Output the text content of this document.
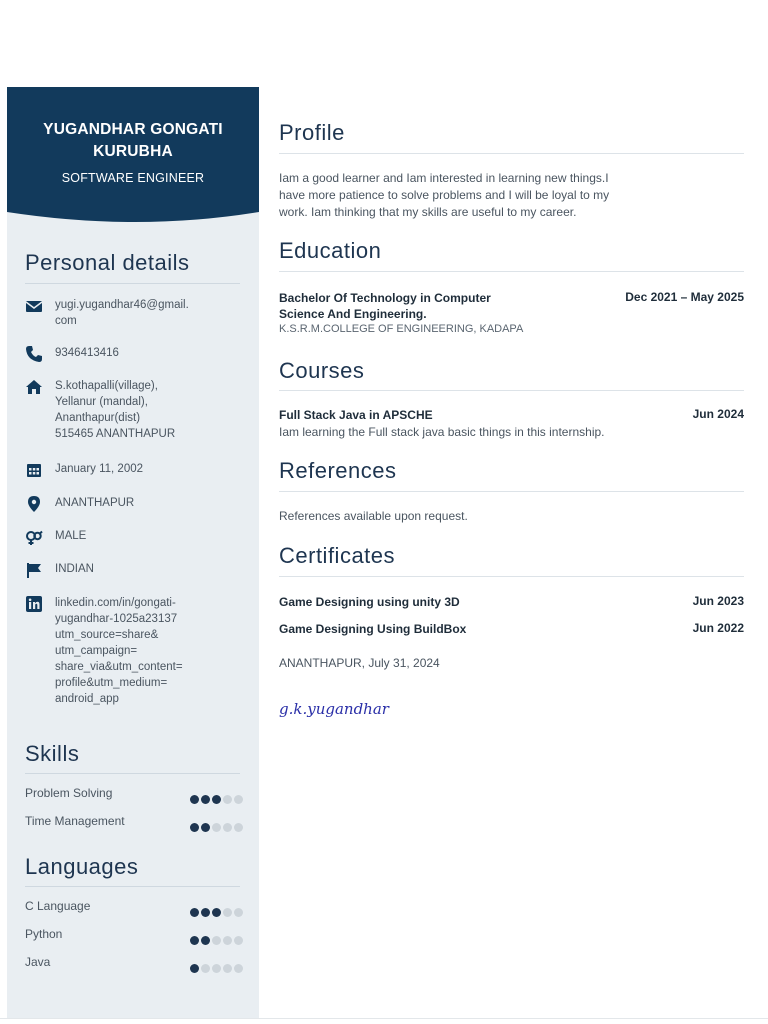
YUGANDHAR GONGATI
KURUBHA
SOFTWARE ENGINEER
Personal details
yugi.yugandhar46@gmail.
com
9346413416
S.kothapalli(village),
Yellanur (mandal),
Ananthapur(dist)
515465 ANANTHAPUR
January 11, 2002
ANANTHAPUR
MALE
INDIAN
linkedin.com/in/gongati-
yugandhar-1025a23137
utm_source=share&
utm_campaign=
share_via&utm_content=
profile&utm_medium=
android_app
Skills
Problem Solving
Time Management
Languages
C Language
Python
Java
Profile
Iam a good learner and Iam interested in learning new things.I
have more patience to solve problems and I will be loyal to my
work. Iam thinking that my skills are useful to my career.
Education
Bachelor Of Technology in Computer
Science And Engineering.
Dec 2021 – May 2025
K.S.R.M.COLLEGE OF ENGINEERING, KADAPA
Courses
Full Stack Java in APSCHE	Jun 2024
Iam learning the Full stack java basic things in this internship.
References
References available upon request.
Certificates
Game Designing using unity 3D	Jun 2023
Game Designing Using BuildBox	Jun 2022
ANANTHAPUR, July 31, 2024
g.k.yugandhar
